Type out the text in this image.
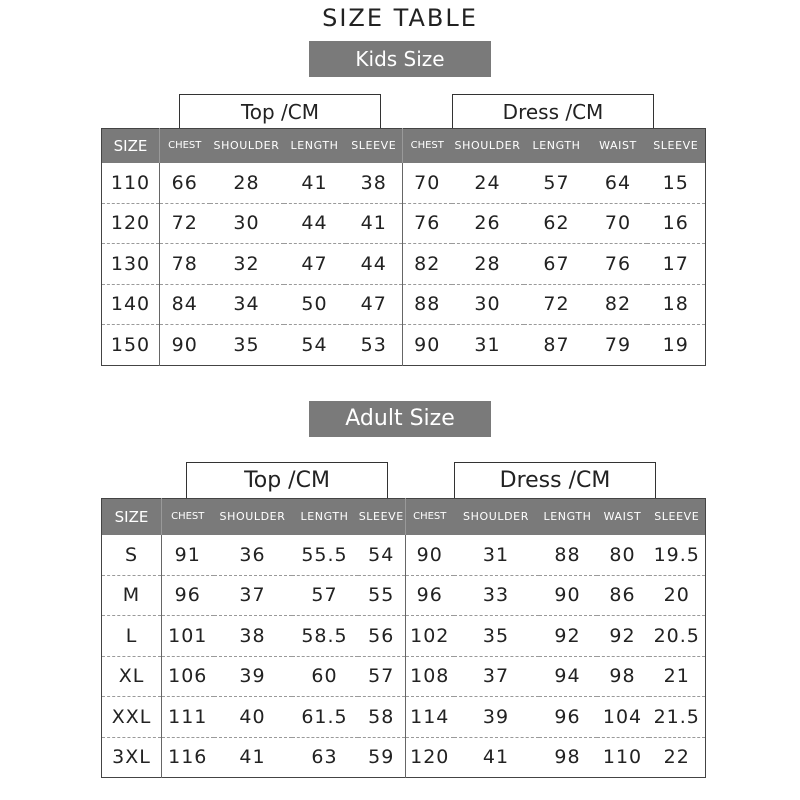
SIZE TABLE
Kids Size
Top /CM	Dress /CM
SIZE	CHEST	SHOULDER	LENGTH	SLEEVE	CHEST	SHOULDER	LENGTH	WAIST	SLEEVE
110	66	28	41	38	70	24	57	64	15
120	72	30	44	41	76	26	62	70	16
130	78	32	47	44	82	28	67	76	17
140	84	34	50	47	88	30	72	82	18
150	90	35	54	53	90	31	87	79	19
Adult Size
Top /CM	Dress /CM
SIZE	CHEST	SHOULDER	LENGTH	SLEEVE	CHEST	SHOULDER	LENGTH	WAIST	SLEEVE
S	91	36	55.5	54	90	31	88	80	19.5
M	96	37	57	55	96	33	90	86	20
L	101	38	58.5	56	102	35	92	92	20.5
XL	106	39	60	57	108	37	94	98	21
XXL	111	40	61.5	58	114	39	96	104	21.5
3XL	116	41	63	59	120	41	98	110	22
